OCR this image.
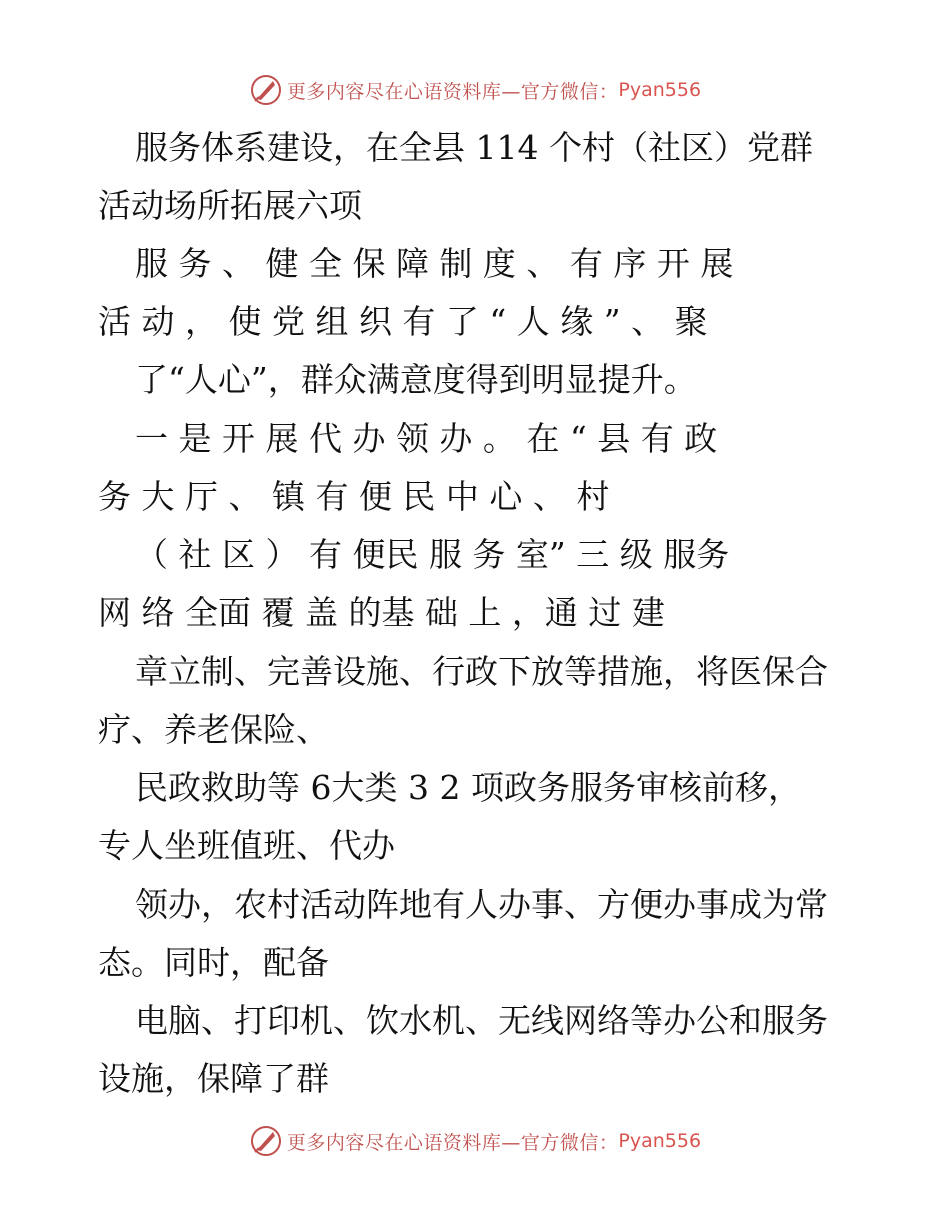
更多内容尽在心语资料库—官方微信： Pyan556
服务体系建设，在全县 114 个村（社区）党群
活动场所拓展六项
服 务 、 健 全 保 障 制 度 、 有 序 开 展
活 动 ， 使 党 组 织 有 了 “ 人 缘 ” 、 聚
了“人心”，群众满意度得到明显提升。
一 是 开 展 代 办 领 办 。 在 “ 县 有 政
务 大 厅 、 镇 有 便 民 中 心 、 村
（ 社 区 ） 有 便民 服 务 室” 三 级 服务
网 络 全面 覆 盖 的基 础 上 ，通 过 建
章立制、完善设施、行政下放等措施，将医保合
疗、养老保险、
民政救助等 6大类 3 2 项政务服务审核前移，
专人坐班值班、代办
领办，农村活动阵地有人办事、方便办事成为常
态。同时，配备
电脑、打印机、饮水机、无线网络等办公和服务
设施，保障了群
更多内容尽在心语资料库—官方微信： Pyan556
